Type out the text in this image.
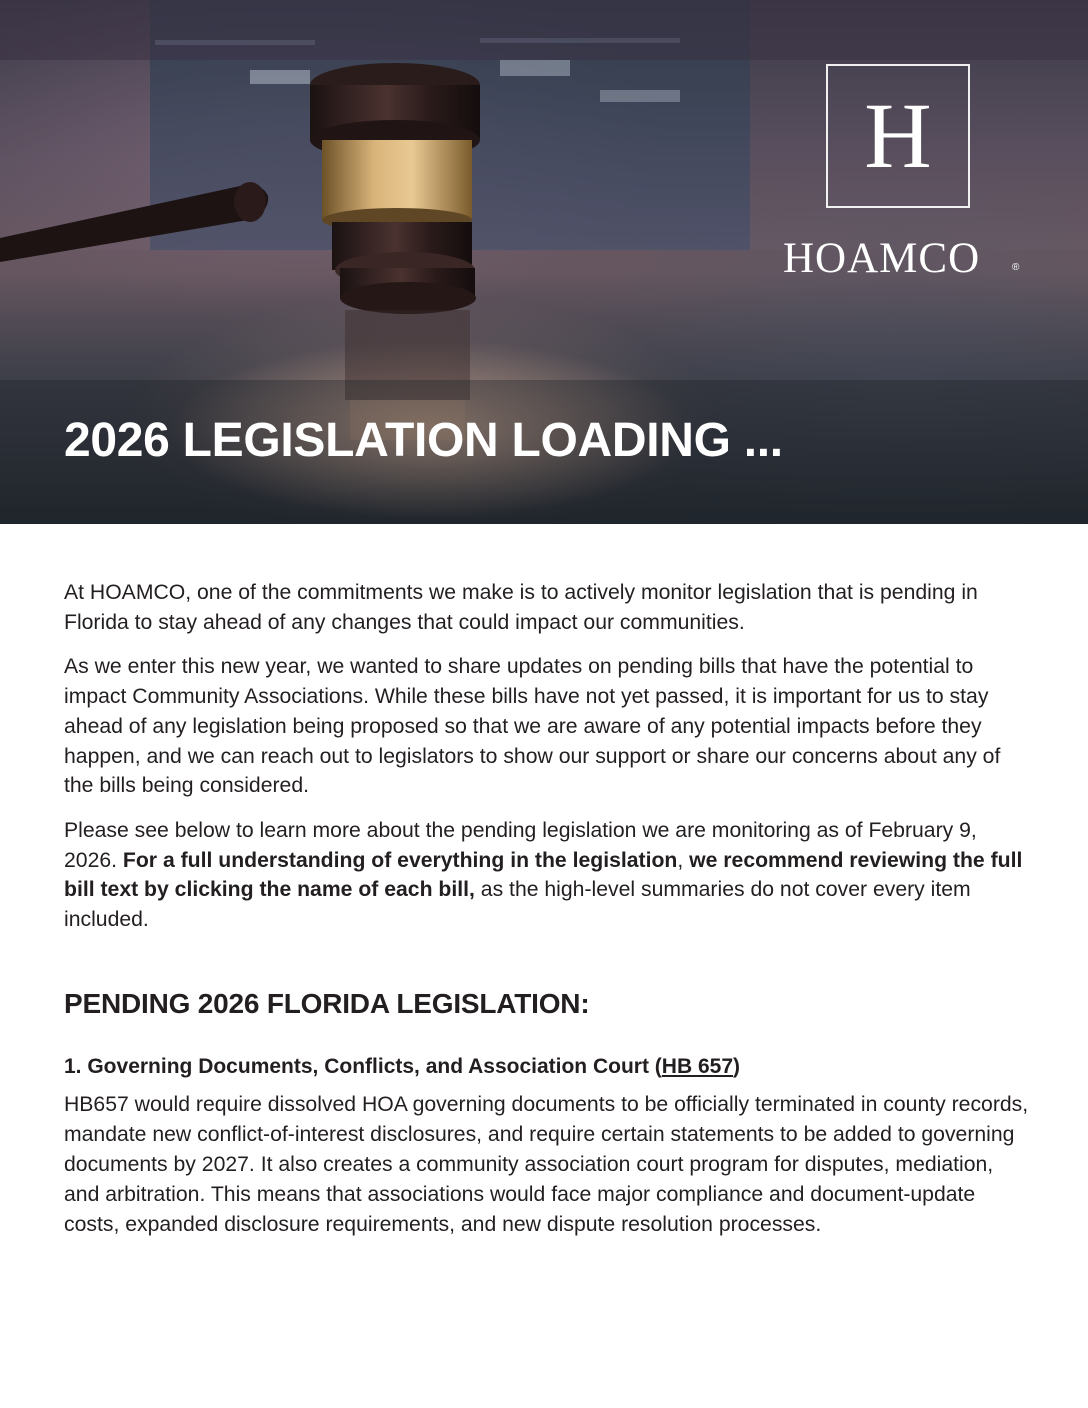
H
HOAMCO	®
2026 LEGISLATION LOADING ...

At HOAMCO, one of the commitments we make is to actively monitor legislation that is pending in Florida to stay ahead of any changes that could impact our communities.

As we enter this new year, we wanted to share updates on pending bills that have the potential to impact Community Associations. While these bills have not yet passed, it is important for us to stay ahead of any legislation being proposed so that we are aware of any potential impacts before they happen, and we can reach out to legislators to show our support or share our concerns about any of the bills being considered.

Please see below to learn more about the pending legislation we are monitoring as of February 9, 2026. For a full understanding of everything in the legislation, we recommend reviewing the full bill text by clicking the name of each bill, as the high-level summaries do not cover every item included.

PENDING 2026 FLORIDA LEGISLATION:
1. Governing Documents, Conflicts, and Association Court (HB 657)

HB657 would require dissolved HOA governing documents to be officially terminated in county records, mandate new conflict-of-interest disclosures, and require certain statements to be added to governing documents by 2027. It also creates a community association court program for disputes, mediation, and arbitration. This means that associations would face major compliance and document-update costs, expanded disclosure requirements, and new dispute resolution processes.
